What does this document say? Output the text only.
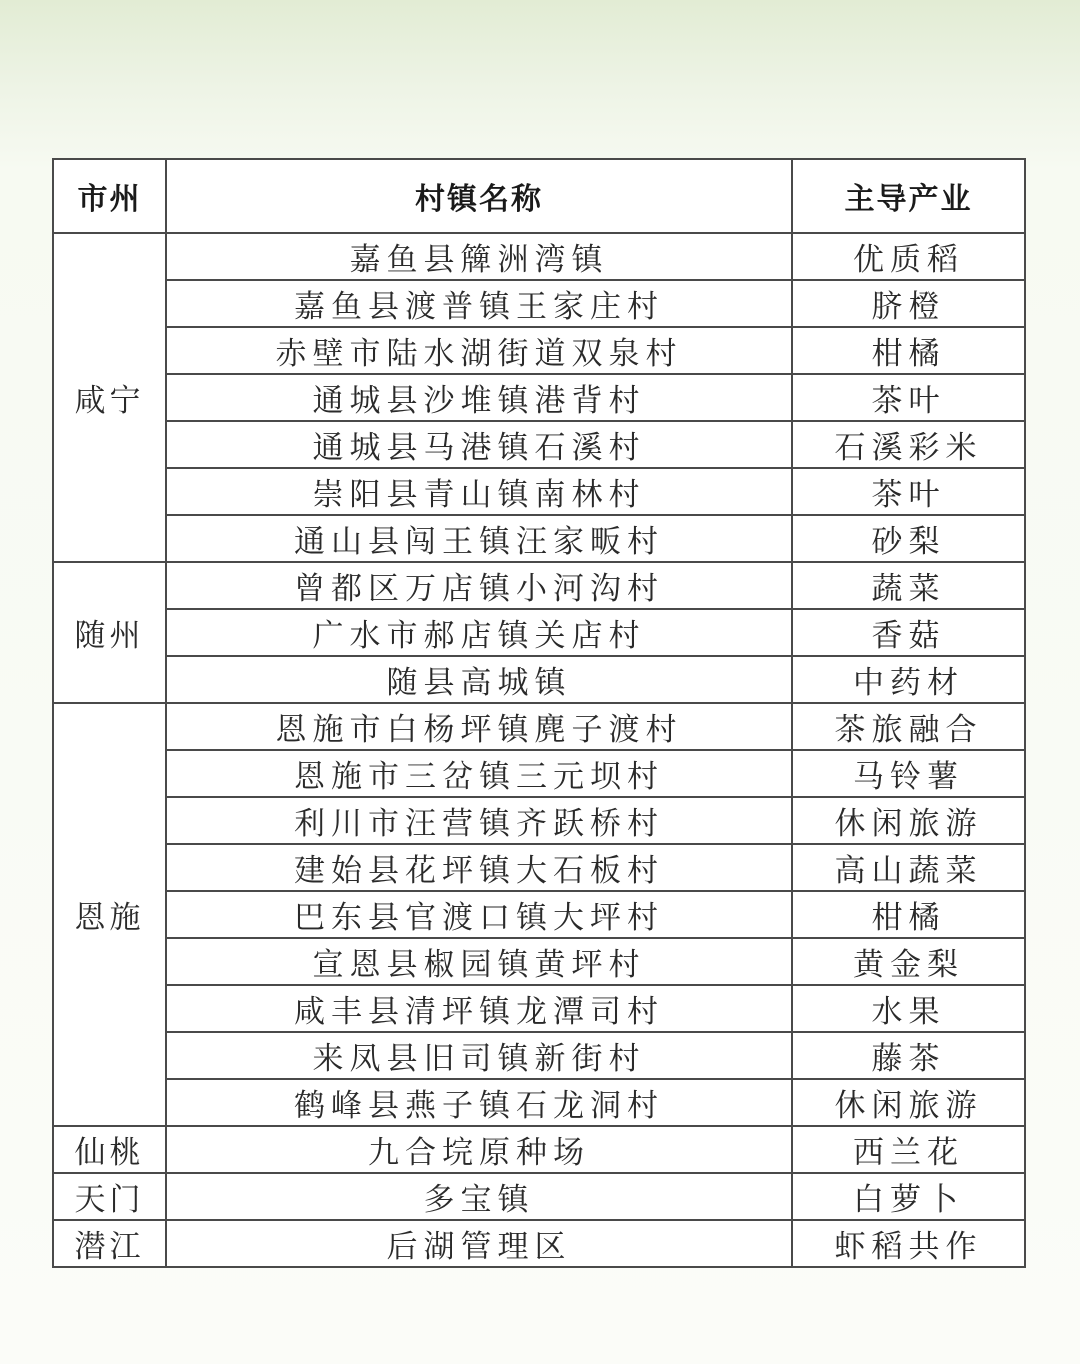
市州	村镇名称	主导产业
咸宁	嘉鱼县簰洲湾镇	优质稻
	嘉鱼县渡普镇王家庄村	脐橙
	赤壁市陆水湖街道双泉村	柑橘
	通城县沙堆镇港背村	茶叶
	通城县马港镇石溪村	石溪彩米
	崇阳县青山镇南林村	茶叶
	通山县闯王镇汪家畈村	砂梨
随州	曾都区万店镇小河沟村	蔬菜
	广水市郝店镇关店村	香菇
	随县高城镇	中药材
恩施	恩施市白杨坪镇麂子渡村	茶旅融合
	恩施市三岔镇三元坝村	马铃薯
	利川市汪营镇齐跃桥村	休闲旅游
	建始县花坪镇大石板村	高山蔬菜
	巴东县官渡口镇大坪村	柑橘
	宣恩县椒园镇黄坪村	黄金梨
	咸丰县清坪镇龙潭司村	水果
	来凤县旧司镇新街村	藤茶
	鹤峰县燕子镇石龙洞村	休闲旅游
仙桃	九合垸原种场	西兰花
天门	多宝镇	白萝卜
潜江	后湖管理区	虾稻共作
